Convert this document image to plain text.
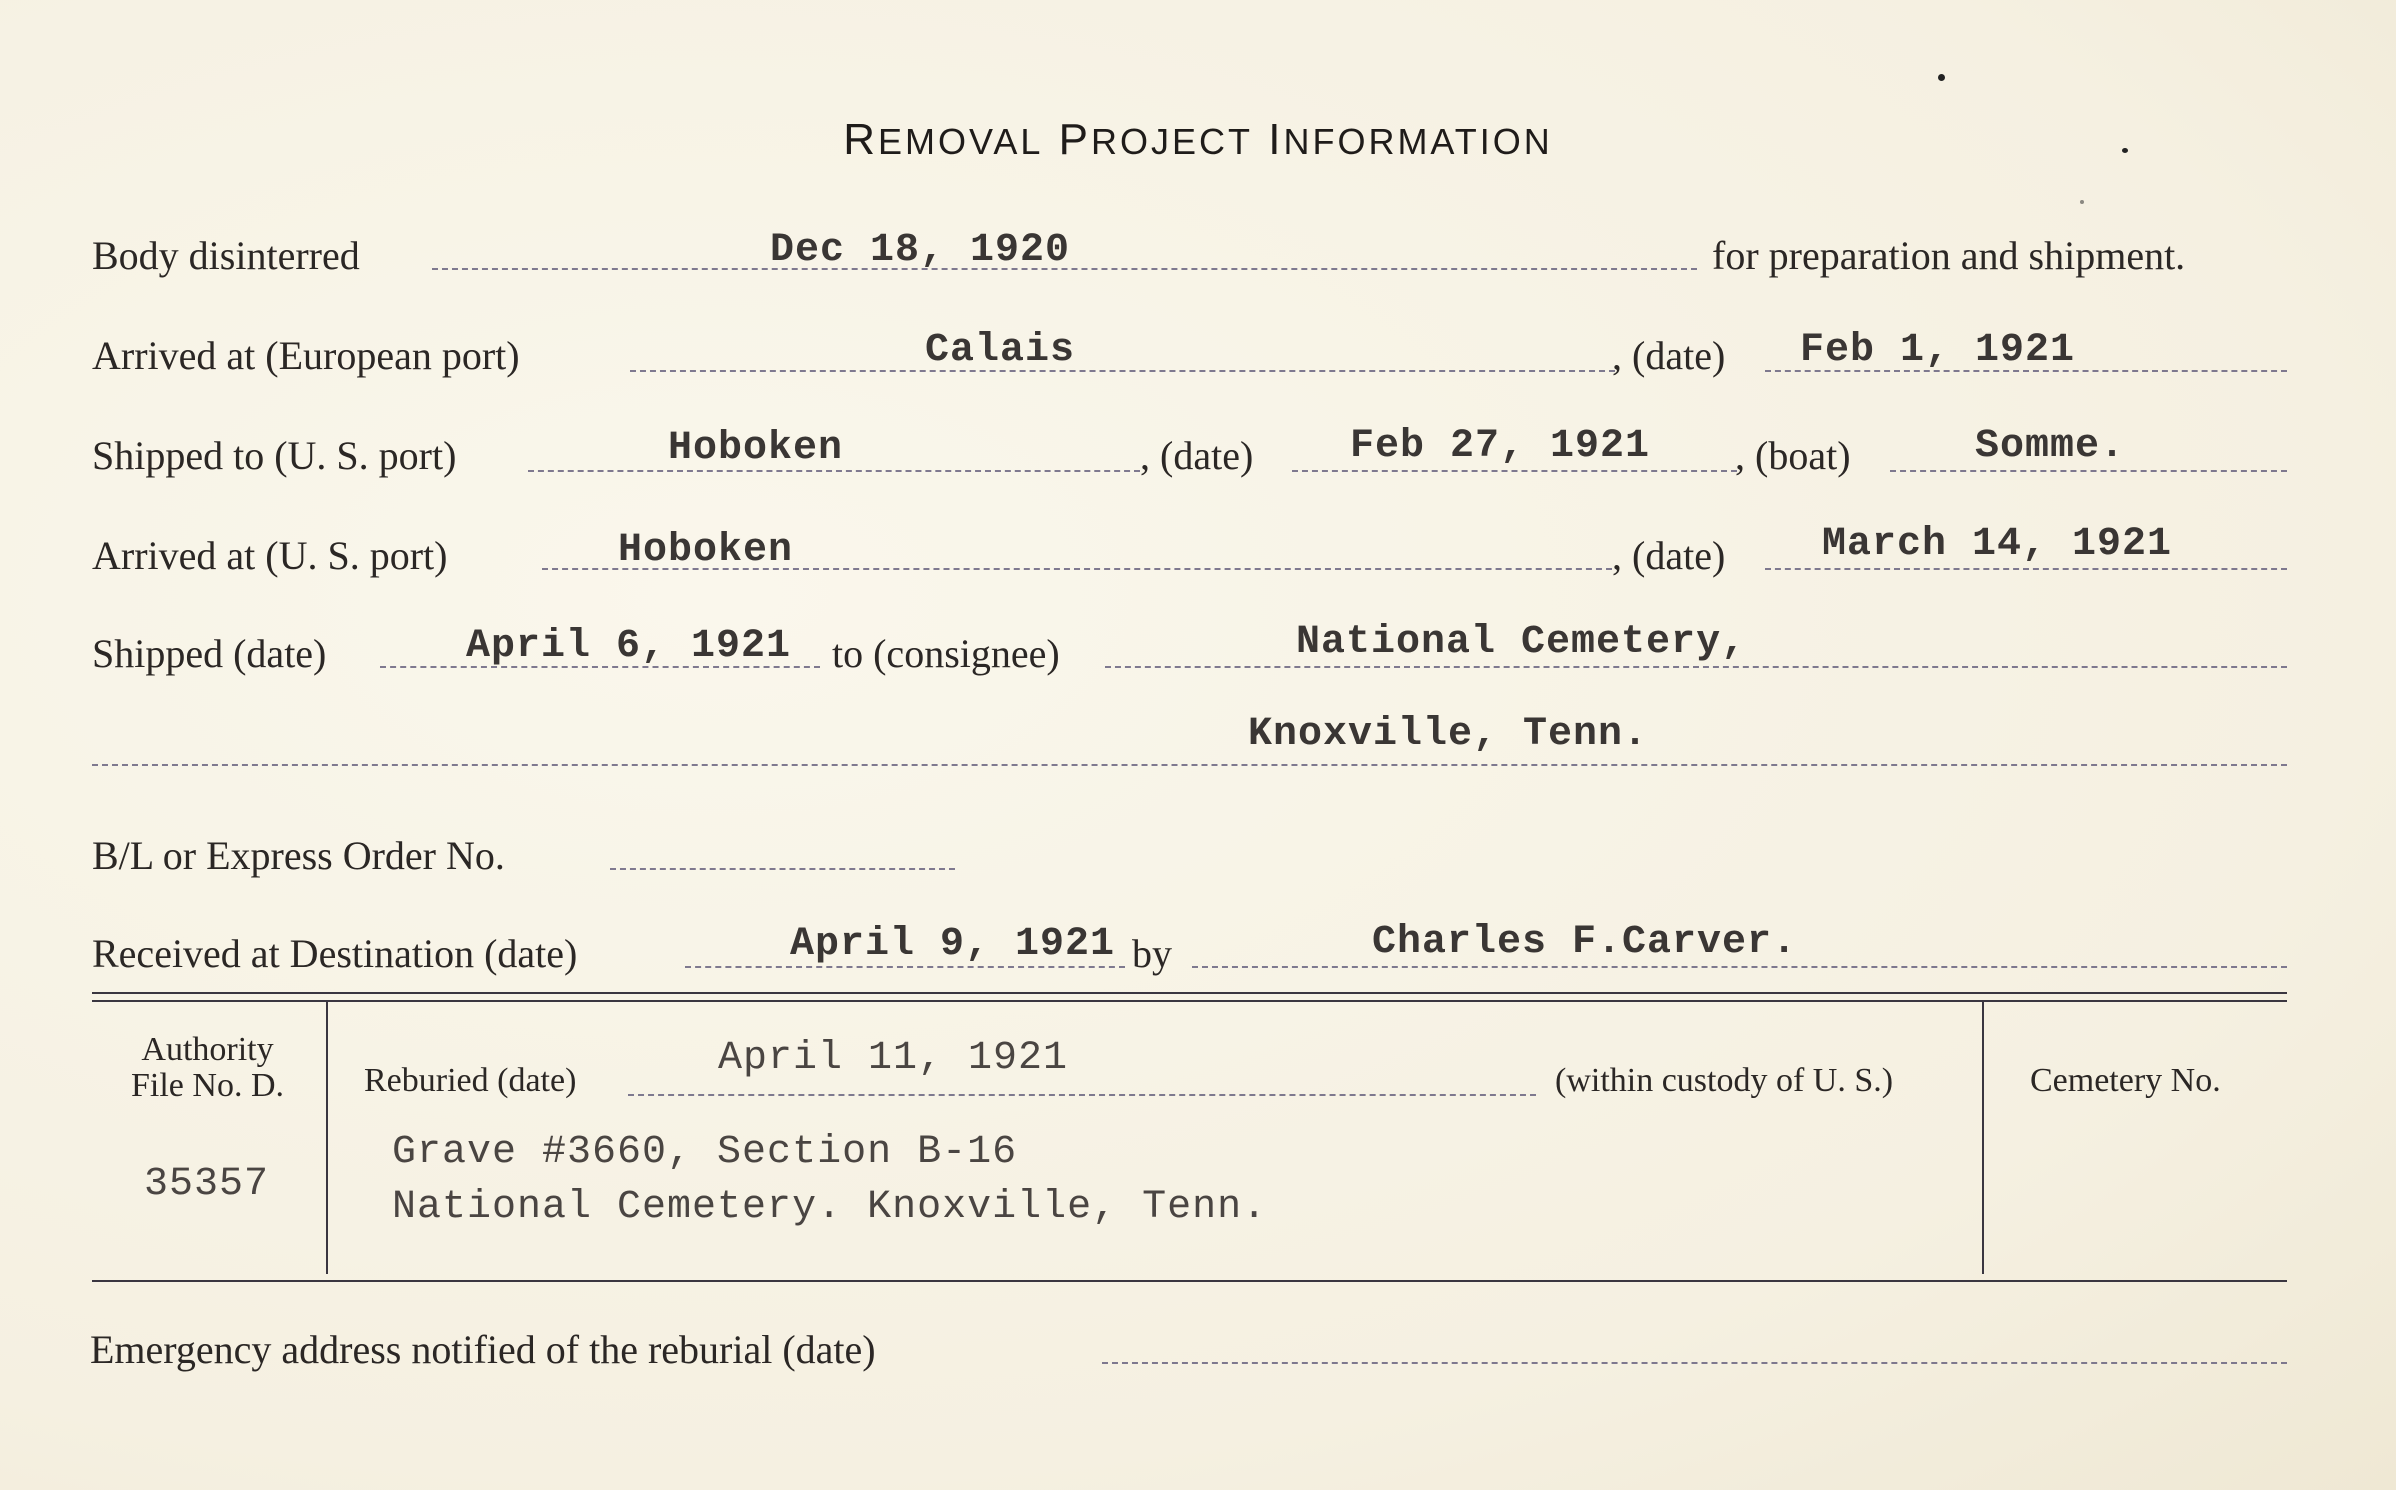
REMOVAL PROJECT INFORMATION
Body disinterred	Dec 18, 1920	for preparation and shipment.
Arrived at (European port)	Calais	, (date) Feb 1, 1921
Shipped to (U. S. port)	Hoboken	, (date) Feb 27, 1921 , (boat)	Somme.
Arrived at (U. S. port)	Hoboken	, (date) March 14, 1921
Shipped (date)	April 6, 1921 to (consignee)	National Cemetery,
Knoxville, Tenn.
B/L or Express Order No.
Received at Destination (date)	April 9, 1921 by	Charles F.Carver.
Authority
File No. D.
35357
Reburied (date)	April 11, 1921	(within custody of U. S.)
Grave #3660, Section B-16
National Cemetery. Knoxville, Tenn.
Cemetery No.
Emergency address notified of the reburial (date)
